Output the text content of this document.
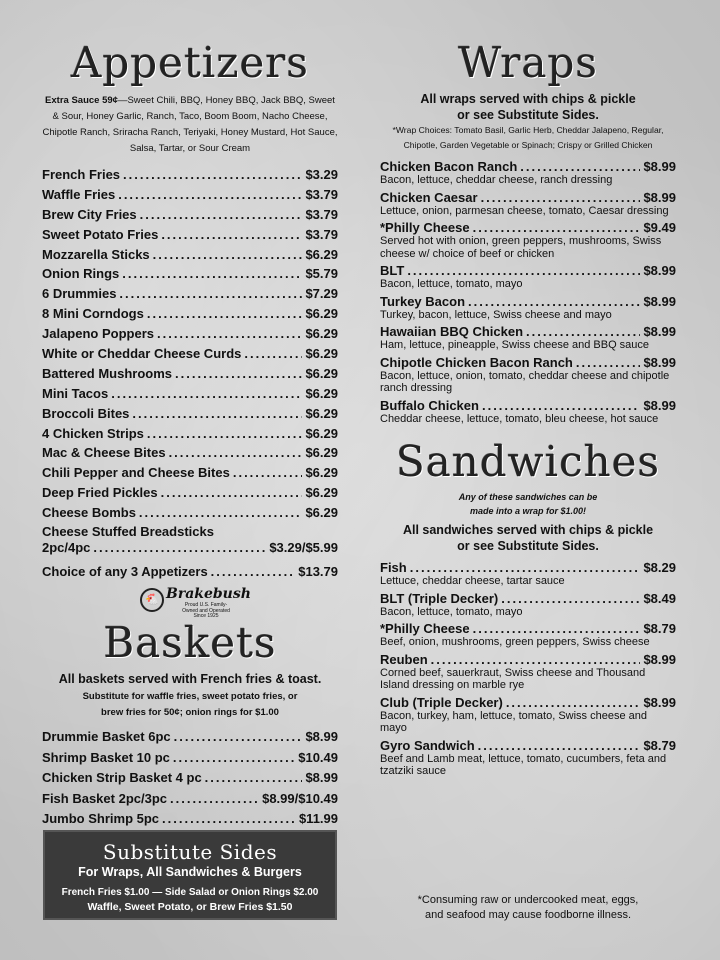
Appetizers
Extra Sauce 59¢—Sweet Chili, BBQ, Honey BBQ, Jack BBQ, Sweet & Sour, Honey Garlic, Ranch, Taco, Boom Boom, Nacho Cheese, Chipotle Ranch, Sriracha Ranch, Teriyaki, Honey Mustard, Hot Sauce, Salsa, Tartar, or Sour Cream
French Fries .....	$3.29
Waffle Fries .....	$3.79
Brew City Fries .....	$3.79
Sweet Potato Fries .....	$3.79
Mozzarella Sticks .....	$6.29
Onion Rings .....	$5.79
6 Drummies .....	$7.29
8 Mini Corndogs .....	$6.29
Jalapeno Poppers .....	$6.29
White or Cheddar Cheese Curds .....	$6.29
Battered Mushrooms .....	$6.29
Mini Tacos .....	$6.29
Broccoli Bites .....	$6.29
4 Chicken Strips .....	$6.29
Mac & Cheese Bites .....	$6.29
Chili Pepper and Cheese Bites .....	$6.29
Deep Fried Pickles .....	$6.29
Cheese Bombs .....	$6.29
Cheese Stuffed Breadsticks
2pc/4pc .....	$3.29/$5.99
Choice of any 3 Appetizers .....	$13.79
🐔 Brakebush
Proud U.S. Family-Owned and Operated Since 1925
Baskets
All baskets served with French fries & toast.
Substitute for waffle fries, sweet potato fries, or brew fries for 50¢; onion rings for $1.00
Drummie Basket 6pc .....	$8.99
Shrimp Basket 10 pc .....	$10.49
Chicken Strip Basket 4 pc .....	$8.99
Fish Basket 2pc/3pc .....	$8.99/$10.49
Jumbo Shrimp 5pc .....	$11.99
Substitute Sides
For Wraps, All Sandwiches & Burgers
French Fries $1.00 — Side Salad or Onion Rings $2.00
Waffle, Sweet Potato, or Brew Fries $1.50
Wraps
All wraps served with chips & pickle
or see Substitute Sides.
*Wrap Choices: Tomato Basil, Garlic Herb, Cheddar Jalapeno, Regular, Chipotle, Garden Vegetable or Spinach; Crispy or Grilled Chicken
Chicken Bacon Ranch .....	$8.99
Bacon, lettuce, cheddar cheese, ranch dressing
Chicken Caesar .....	$8.99
Lettuce, onion, parmesan cheese, tomato, Caesar dressing
*Philly Cheese .....	$9.49
Served hot with onion, green peppers, mushrooms, Swiss cheese w/ choice of beef or chicken
BLT .....	$8.99
Bacon, lettuce, tomato, mayo
Turkey Bacon .....	$8.99
Turkey, bacon, lettuce, Swiss cheese and mayo
Hawaiian BBQ Chicken .....	$8.99
Ham, lettuce, pineapple, Swiss cheese and BBQ sauce
Chipotle Chicken Bacon Ranch .....	$8.99
Bacon, lettuce, onion, tomato, cheddar cheese and chipotle ranch dressing
Buffalo Chicken .....	$8.99
Cheddar cheese, lettuce, tomato, bleu cheese, hot sauce
Sandwiches
Any of these sandwiches can be
made into a wrap for $1.00!
All sandwiches served with chips & pickle
or see Substitute Sides.
Fish .....	$8.29
Lettuce, cheddar cheese, tartar sauce
BLT (Triple Decker) .....	$8.49
Bacon, lettuce, tomato, mayo
*Philly Cheese .....	$8.79
Beef, onion, mushrooms, green peppers, Swiss cheese
Reuben .....	$8.99
Corned beef, sauerkraut, Swiss cheese and Thousand Island dressing on marble rye
Club (Triple Decker) .....	$8.99
Bacon, turkey, ham, lettuce, tomato, Swiss cheese and mayo
Gyro Sandwich .....	$8.79
Beef and Lamb meat, lettuce, tomato, cucumbers, feta and tzatziki sauce
*Consuming raw or undercooked meat, eggs,
and seafood may cause foodborne illness.
